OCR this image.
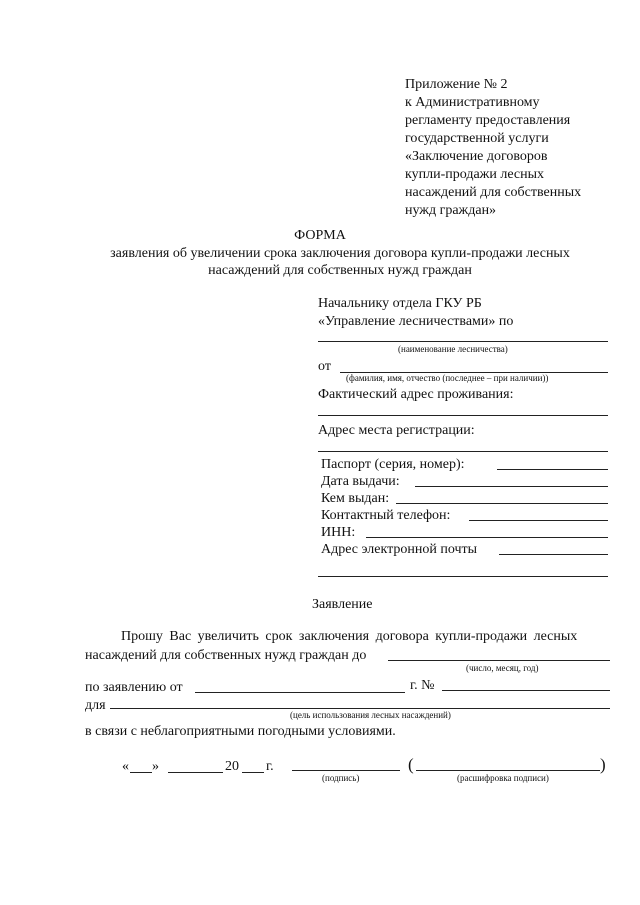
Приложение № 2
к Административному
регламенту предоставления
государственной услуги
«Заключение договоров
купли-продажи лесных
насаждений для собственных
нужд граждан»
ФОРМА
заявления об увеличении срока заключения договора купли-продажи лесных
насаждений для собственных нужд граждан
Начальнику отдела ГКУ РБ
«Управление лесничествами» по
(наименование лесничества)
от
(фамилия, имя, отчество (последнее – при наличии))
Фактический адрес проживания:
Адрес места регистрации:
Паспорт (серия, номер):
Дата выдачи:
Кем выдан:
Контактный телефон:
ИНН:
Адрес электронной почты
Заявление
Прошу Вас увеличить срок заключения договора купли-продажи лесных
насаждений для собственных нужд граждан до
(число, месяц, год)
по заявлению от	г. №
для
(цель использования лесных насаждений)
в связи с неблагоприятными погодными условиями.
« »	20 г.
(подпись)
(	)
(расшифровка подписи)
